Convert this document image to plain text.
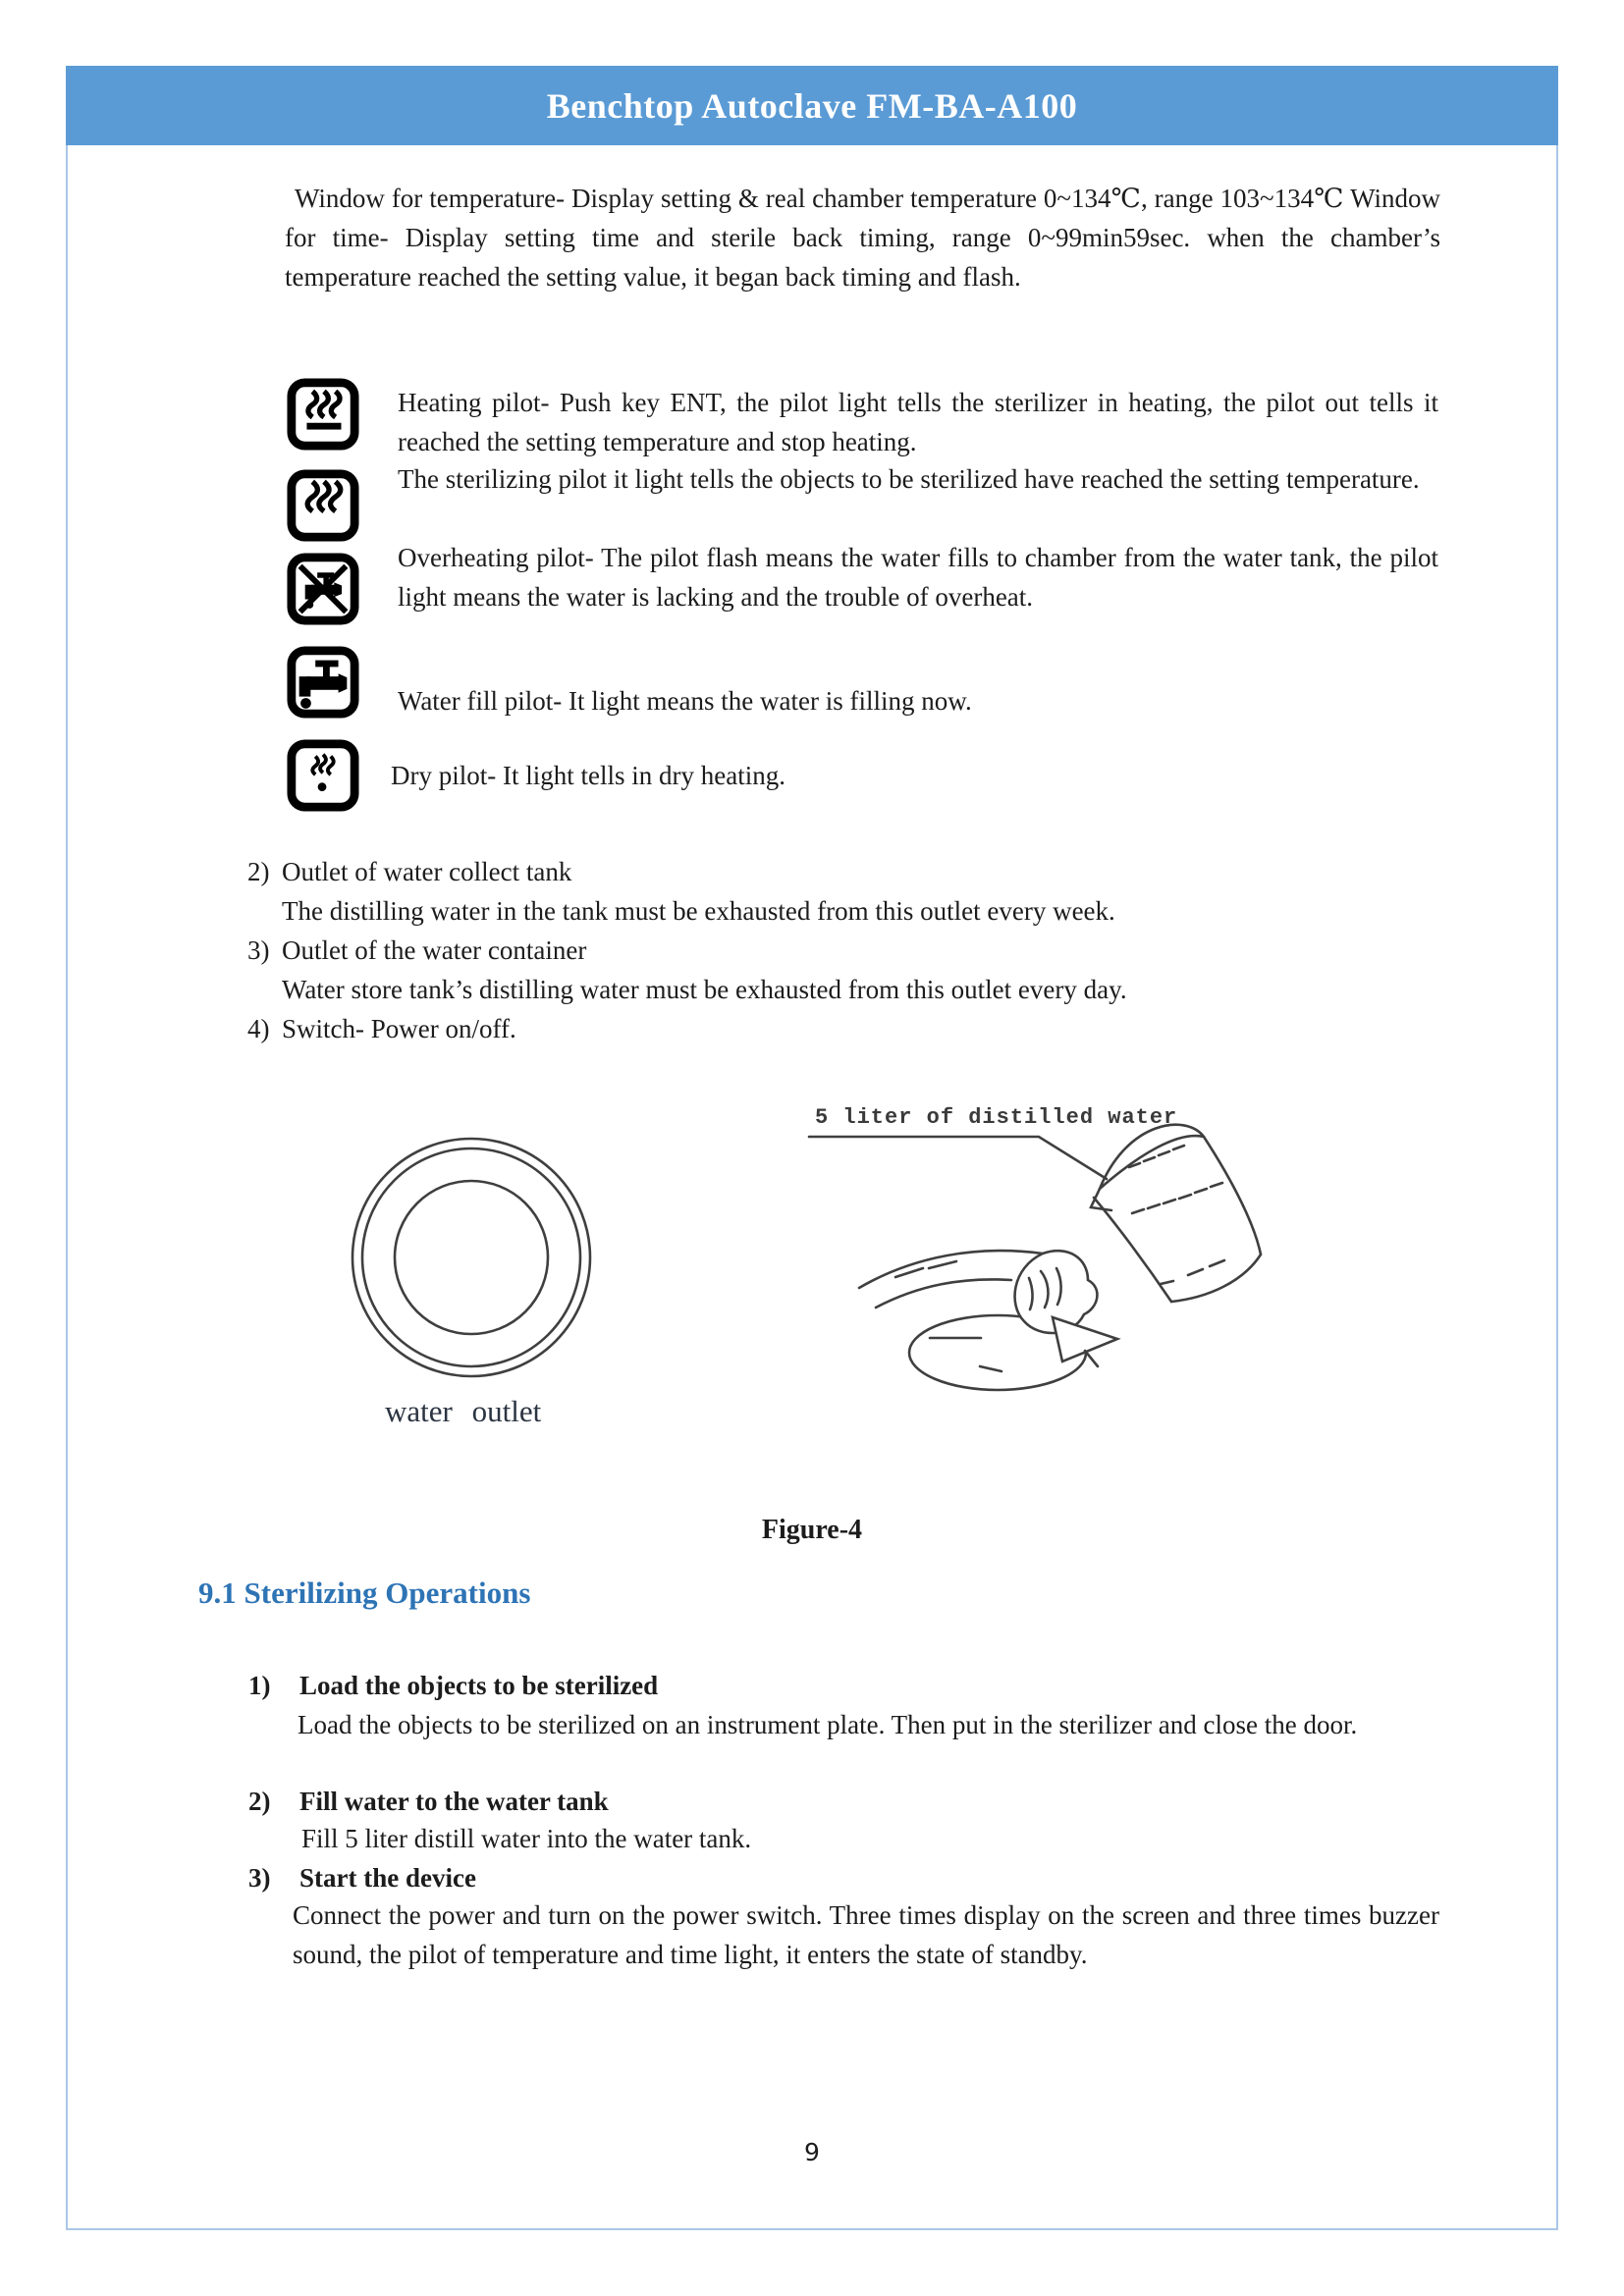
Benchtop Autoclave FM-BA-A100
Window for temperature- Display setting & real chamber temperature 0~134℃, range 103~134℃ Window for time- Display setting time and sterile back timing, range 0~99min59sec. when the chamber’s temperature reached the setting value, it began back timing and flash.
Heating pilot- Push key ENT, the pilot light tells the sterilizer in heating, the pilot out tells it reached the setting temperature and stop heating.
The sterilizing pilot it light tells the objects to be sterilized have reached the setting temperature.
Overheating pilot- The pilot flash means the water fills to chamber from the water tank, the pilot light means the water is lacking and the trouble of overheat.
Water fill pilot- It light means the water is filling now.
Dry pilot- It light tells in dry heating.
2) Outlet of water collect tank
The distilling water in the tank must be exhausted from this outlet every week.
3) Outlet of the water container
Water store tank’s distilling water must be exhausted from this outlet every day.
4) Switch- Power on/off.
water outlet
5 liter of distilled water
Figure-4
9.1 Sterilizing Operations
1) Load the objects to be sterilized
Load the objects to be sterilized on an instrument plate. Then put in the sterilizer and close the door.
2) Fill water to the water tank
Fill 5 liter distill water into the water tank.
3) Start the device
Connect the power and turn on the power switch. Three times display on the screen and three times buzzer sound, the pilot of temperature and time light, it enters the state of standby.
9
